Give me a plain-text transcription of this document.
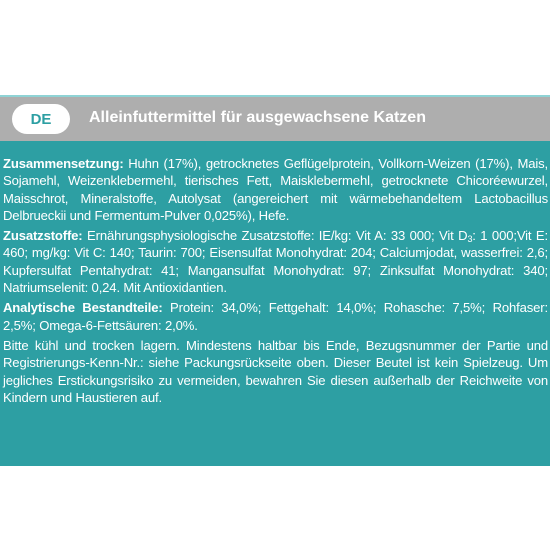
DE	Alleinfuttermittel für ausgewachsene Katzen

Zusammensetzung: Huhn (17%), getrocknetes Geflügelprotein, Vollkorn-Weizen (17%), Mais, Sojamehl, Weizenklebermehl, tierisches Fett, Maisklebermehl, getrocknete Chicoréewurzel, Maisschrot, Mineralstoffe, Autolysat (angereichert mit wärmebehandeltem Lactobacillus Delbrueckii und Fermentum-Pulver 0,025%), Hefe.

Zusatzstoffe: Ernährungsphysiologische Zusatzstoffe: IE/kg: Vit A: 33 000; Vit $D_3$: 1 000;Vit E: 460; mg/kg: Vit C: 140; Taurin: 700; Eisensulfat Monohydrat: 204; Calciumjodat, wasserfrei: 2,6; Kupfersulfat Pentahydrat: 41; Mangansulfat Monohydrat: 97; Zinksulfat Monohydrat: 340; Natriumselenit: 0,24. Mit Antioxidantien.

Analytische Bestandteile: Protein: 34,0%; Fettgehalt: 14,0%; Rohasche: 7,5%; Rohfaser: 2,5%; Omega-6-Fettsäuren: 2,0%.

Bitte kühl und trocken lagern. Mindestens haltbar bis Ende, Bezugsnummer der Partie und Registrierungs-Kenn-Nr.: siehe Packungsrückseite oben. Dieser Beutel ist kein Spielzeug. Um jegliches Erstickungsrisiko zu vermeiden, bewahren Sie diesen außerhalb der Reichweite von Kindern und Haustieren auf.
